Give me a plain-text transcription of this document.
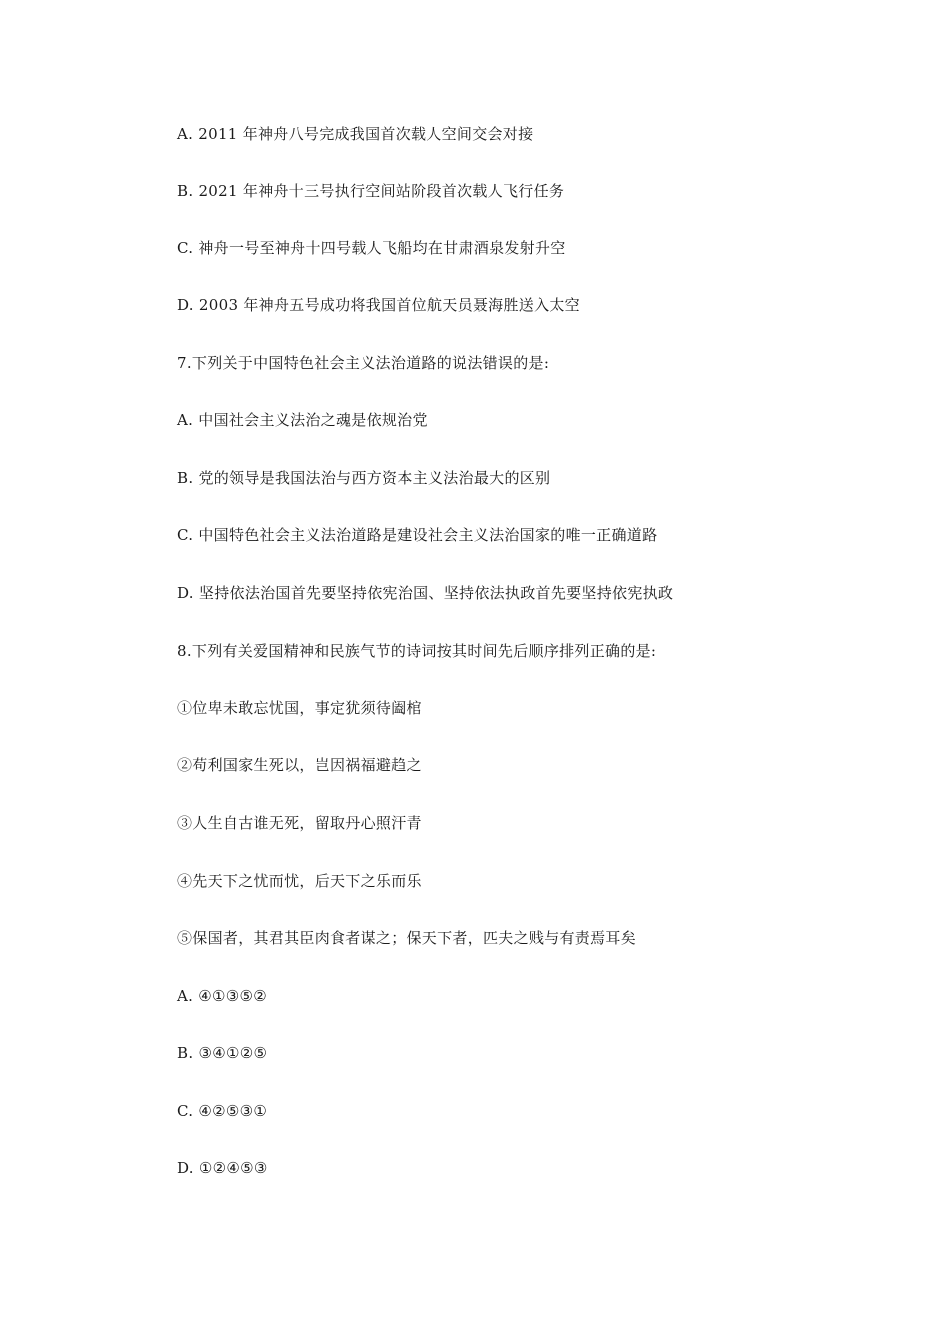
A. 2011 年神舟八号完成我国首次载人空间交会对接
B. 2021 年神舟十三号执行空间站阶段首次载人飞行任务
C. 神舟一号至神舟十四号载人飞船均在甘肃酒泉发射升空
D. 2003 年神舟五号成功将我国首位航天员聂海胜送入太空
7.下列关于中国特色社会主义法治道路的说法错误的是:
A. 中国社会主义法治之魂是依规治党
B. 党的领导是我国法治与西方资本主义法治最大的区别
C. 中国特色社会主义法治道路是建设社会主义法治国家的唯一正确道路
D. 坚持依法治国首先要坚持依宪治国、坚持依法执政首先要坚持依宪执政
8.下列有关爱国精神和民族气节的诗词按其时间先后顺序排列正确的是:
①位卑未敢忘忧国，事定犹须待阖棺
②苟利国家生死以，岂因祸福避趋之
③人生自古谁无死，留取丹心照汗青
④先天下之忧而忧，后天下之乐而乐
⑤保国者，其君其臣肉食者谋之；保天下者，匹夫之贱与有责焉耳矣
A. ④①③⑤②
B. ③④①②⑤
C. ④②⑤③①
D. ①②④⑤③
